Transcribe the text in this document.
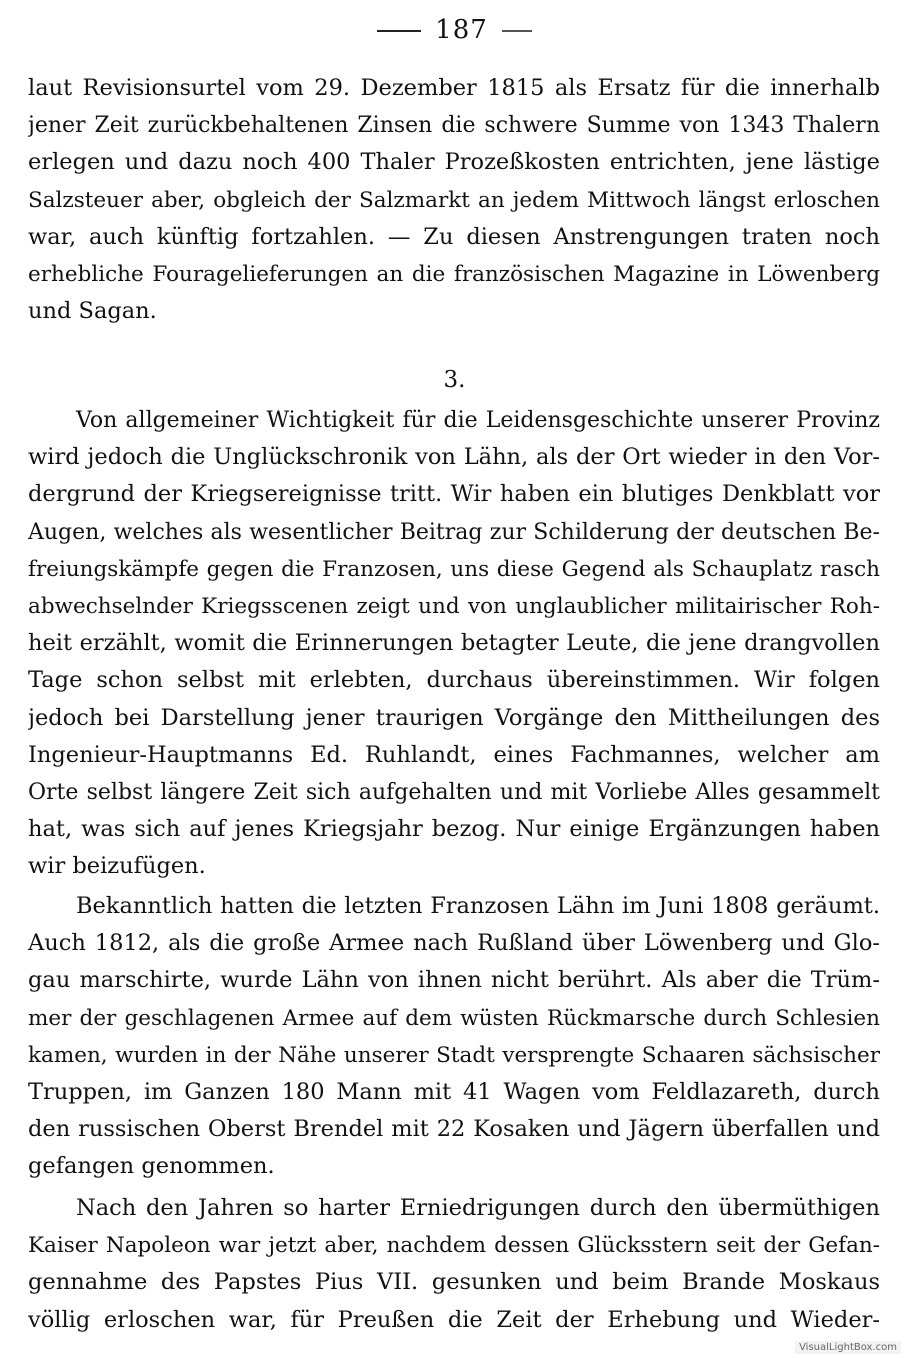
187
laut Revisionsurtel vom 29. Dezember 1815 als Ersatz für die innerhalb
jener Zeit zurückbehaltenen Zinsen die schwere Summe von 1343 Thalern
erlegen und dazu noch 400 Thaler Prozeßkosten entrichten, jene lästige
Salzsteuer aber, obgleich der Salzmarkt an jedem Mittwoch längst erloschen
war, auch künftig fortzahlen. — Zu diesen Anstrengungen traten noch
erhebliche Fouragelieferungen an die französischen Magazine in Löwenberg
und Sagan.
3.
Von allgemeiner Wichtigkeit für die Leidensgeschichte unserer Provinz
wird jedoch die Unglückschronik von Lähn, als der Ort wieder in den Vor-
dergrund der Kriegsereignisse tritt. Wir haben ein blutiges Denkblatt vor
Augen, welches als wesentlicher Beitrag zur Schilderung der deutschen Be-
freiungskämpfe gegen die Franzosen, uns diese Gegend als Schauplatz rasch
abwechselnder Kriegsscenen zeigt und von unglaublicher militairischer Roh-
heit erzählt, womit die Erinnerungen betagter Leute, die jene drangvollen
Tage schon selbst mit erlebten, durchaus übereinstimmen. Wir folgen
jedoch bei Darstellung jener traurigen Vorgänge den Mittheilungen des
Ingenieur-Hauptmanns Ed. Ruhlandt, eines Fachmannes, welcher am
Orte selbst längere Zeit sich aufgehalten und mit Vorliebe Alles gesammelt
hat, was sich auf jenes Kriegsjahr bezog. Nur einige Ergänzungen haben
wir beizufügen.
Bekanntlich hatten die letzten Franzosen Lähn im Juni 1808 geräumt.
Auch 1812, als die große Armee nach Rußland über Löwenberg und Glo-
gau marschirte, wurde Lähn von ihnen nicht berührt. Als aber die Trüm-
mer der geschlagenen Armee auf dem wüsten Rückmarsche durch Schlesien
kamen, wurden in der Nähe unserer Stadt versprengte Schaaren sächsischer
Truppen, im Ganzen 180 Mann mit 41 Wagen vom Feldlazareth, durch
den russischen Oberst Brendel mit 22 Kosaken und Jägern überfallen und
gefangen genommen.
Nach den Jahren so harter Erniedrigungen durch den übermüthigen
Kaiser Napoleon war jetzt aber, nachdem dessen Glücksstern seit der Gefan-
gennahme des Papstes Pius VII. gesunken und beim Brande Moskaus
völlig erloschen war, für Preußen die Zeit der Erhebung und Wieder-
VisualLightBox.com
